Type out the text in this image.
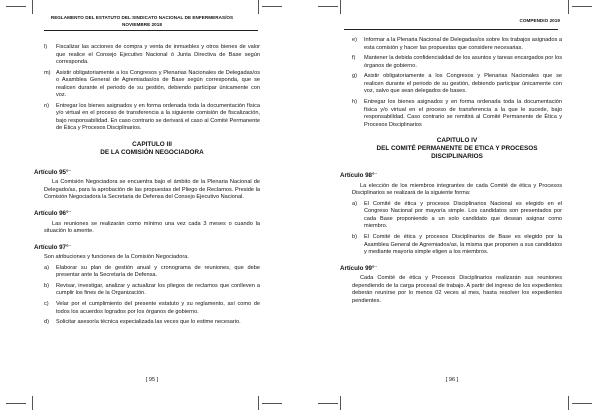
REGLAMENTO DEL ESTATUTO DEL SINDICATO NACIONAL DE ENFERMERAS/OS
NOVIEMBRE 2018
l)	Fiscalizar las acciones de compra y venta de inmuebles y otros bienes de valor que realice el Consejo Ejecutivo Nacional ó Junta Directiva de Base según corresponda.
m) Asistir obligatoriamente a los Congresos y Plenarias Nacionales de Delegadas/os o Asamblea General de Agremiadas/os de Base según corresponda, que se realicen durante el periodo de su gestión, debiendo participar únicamente con voz.
n)	Entregar los bienes asignados y en forma ordenada toda la documentación física y/o virtual en el proceso de transferencia a la siguiente comisión de fiscalización, bajo responsabilidad. En caso contrario se derivará el caso al Comité Permanente de Ética y Procesos Disciplinarios.
CAPITULO III
DE LA COMISIÓN NEGOCIADORA
Artículo 95°.-
La Comisión Negociadora se encuentra bajo el ámbito de la Plenaria Nacional de Delegado/as, para la aprobación de las propuestas del Pliego de Reclamos. Preside la Comisión Negociadora la Secretaria de Defensa del Consejo Ejecutivo Nacional.
Artículo 96°.-
Las reuniones se realizarán como mínimo una vez cada 3 meses o cuando la situación lo amerite.
Artículo 97°.-
Son atribuciones y funciones de la Comisión Negociadora.
a)	Elaborar su plan de gestión anual y cronograma de reuniones, que debe presentar ante la Secretaría de Defensa.
b)	Revisar, investigar, analizar y actualizar los pliegos de reclamos que conlleven a cumplir los fines de la Organización.
c)	Velar por el cumplimiento del presente estatuto y su reglamento, así como de todos los acuerdos logrados por los órganos de gobierno.
d)	Solicitar asesoría técnica especializada las veces que lo estime necesario.
[ 95 ]
COMPENDIO 2019
e)	Informar a la Plenaria Nacional de Delegadas/os sobre los trabajos asignados a esta comisión y hacer las propuestas que considere necesarias.
f)	Mantener la debida confidencialidad de los asuntos y tareas encargados por los órganos de gobierno.
g)	Asistir obligatoriamente a los Congresos y Plenarias Nacionales que se realicen durante el periodo de su gestión, debiendo participar únicamente con voz, salvo que sean delegados de bases.
h)	Entregar los bienes asignados y en forma ordenada toda la documentación física y/o virtual en el proceso de transferencia a la que le sucede, bajo responsabilidad. Caso contrario se remitirá al Comité Permanente de Ética y Procesos Disciplinarios
CAPITULO IV
DEL COMITÉ PERMANENTE DE ETICA Y PROCESOS
DISCIPLINARIOS
Artículo 98°.-
La elección de los miembros integrantes de cada Comité de ética y Procesos Disciplinarios se realizará de la siguiente forma:
a)	El Comité de ética y procesos Disciplinarios Nacional es elegido en el Congreso Nacional por mayoría simple. Los candidatos son presentados por cada Base proponiendo a un solo candidato que desean asignar como miembro.
b)	El Comité de ética y procesos Disciplinarios de Base es elegido por la Asamblea General de Agremiados/as, la misma que proponen a sus candidatos y mediante mayoría simple eligen a los miembros.
Artículo 99°.-
Cada Comité de ética y Procesos Disciplinarios realizarán sus reuniones dependiendo de la carga procesal de trabajo. A partir del ingreso de los expedientes deberán reunirse por lo menos 02 veces al mes, hasta resolver los expedientes pendientes.
[ 96 ]
